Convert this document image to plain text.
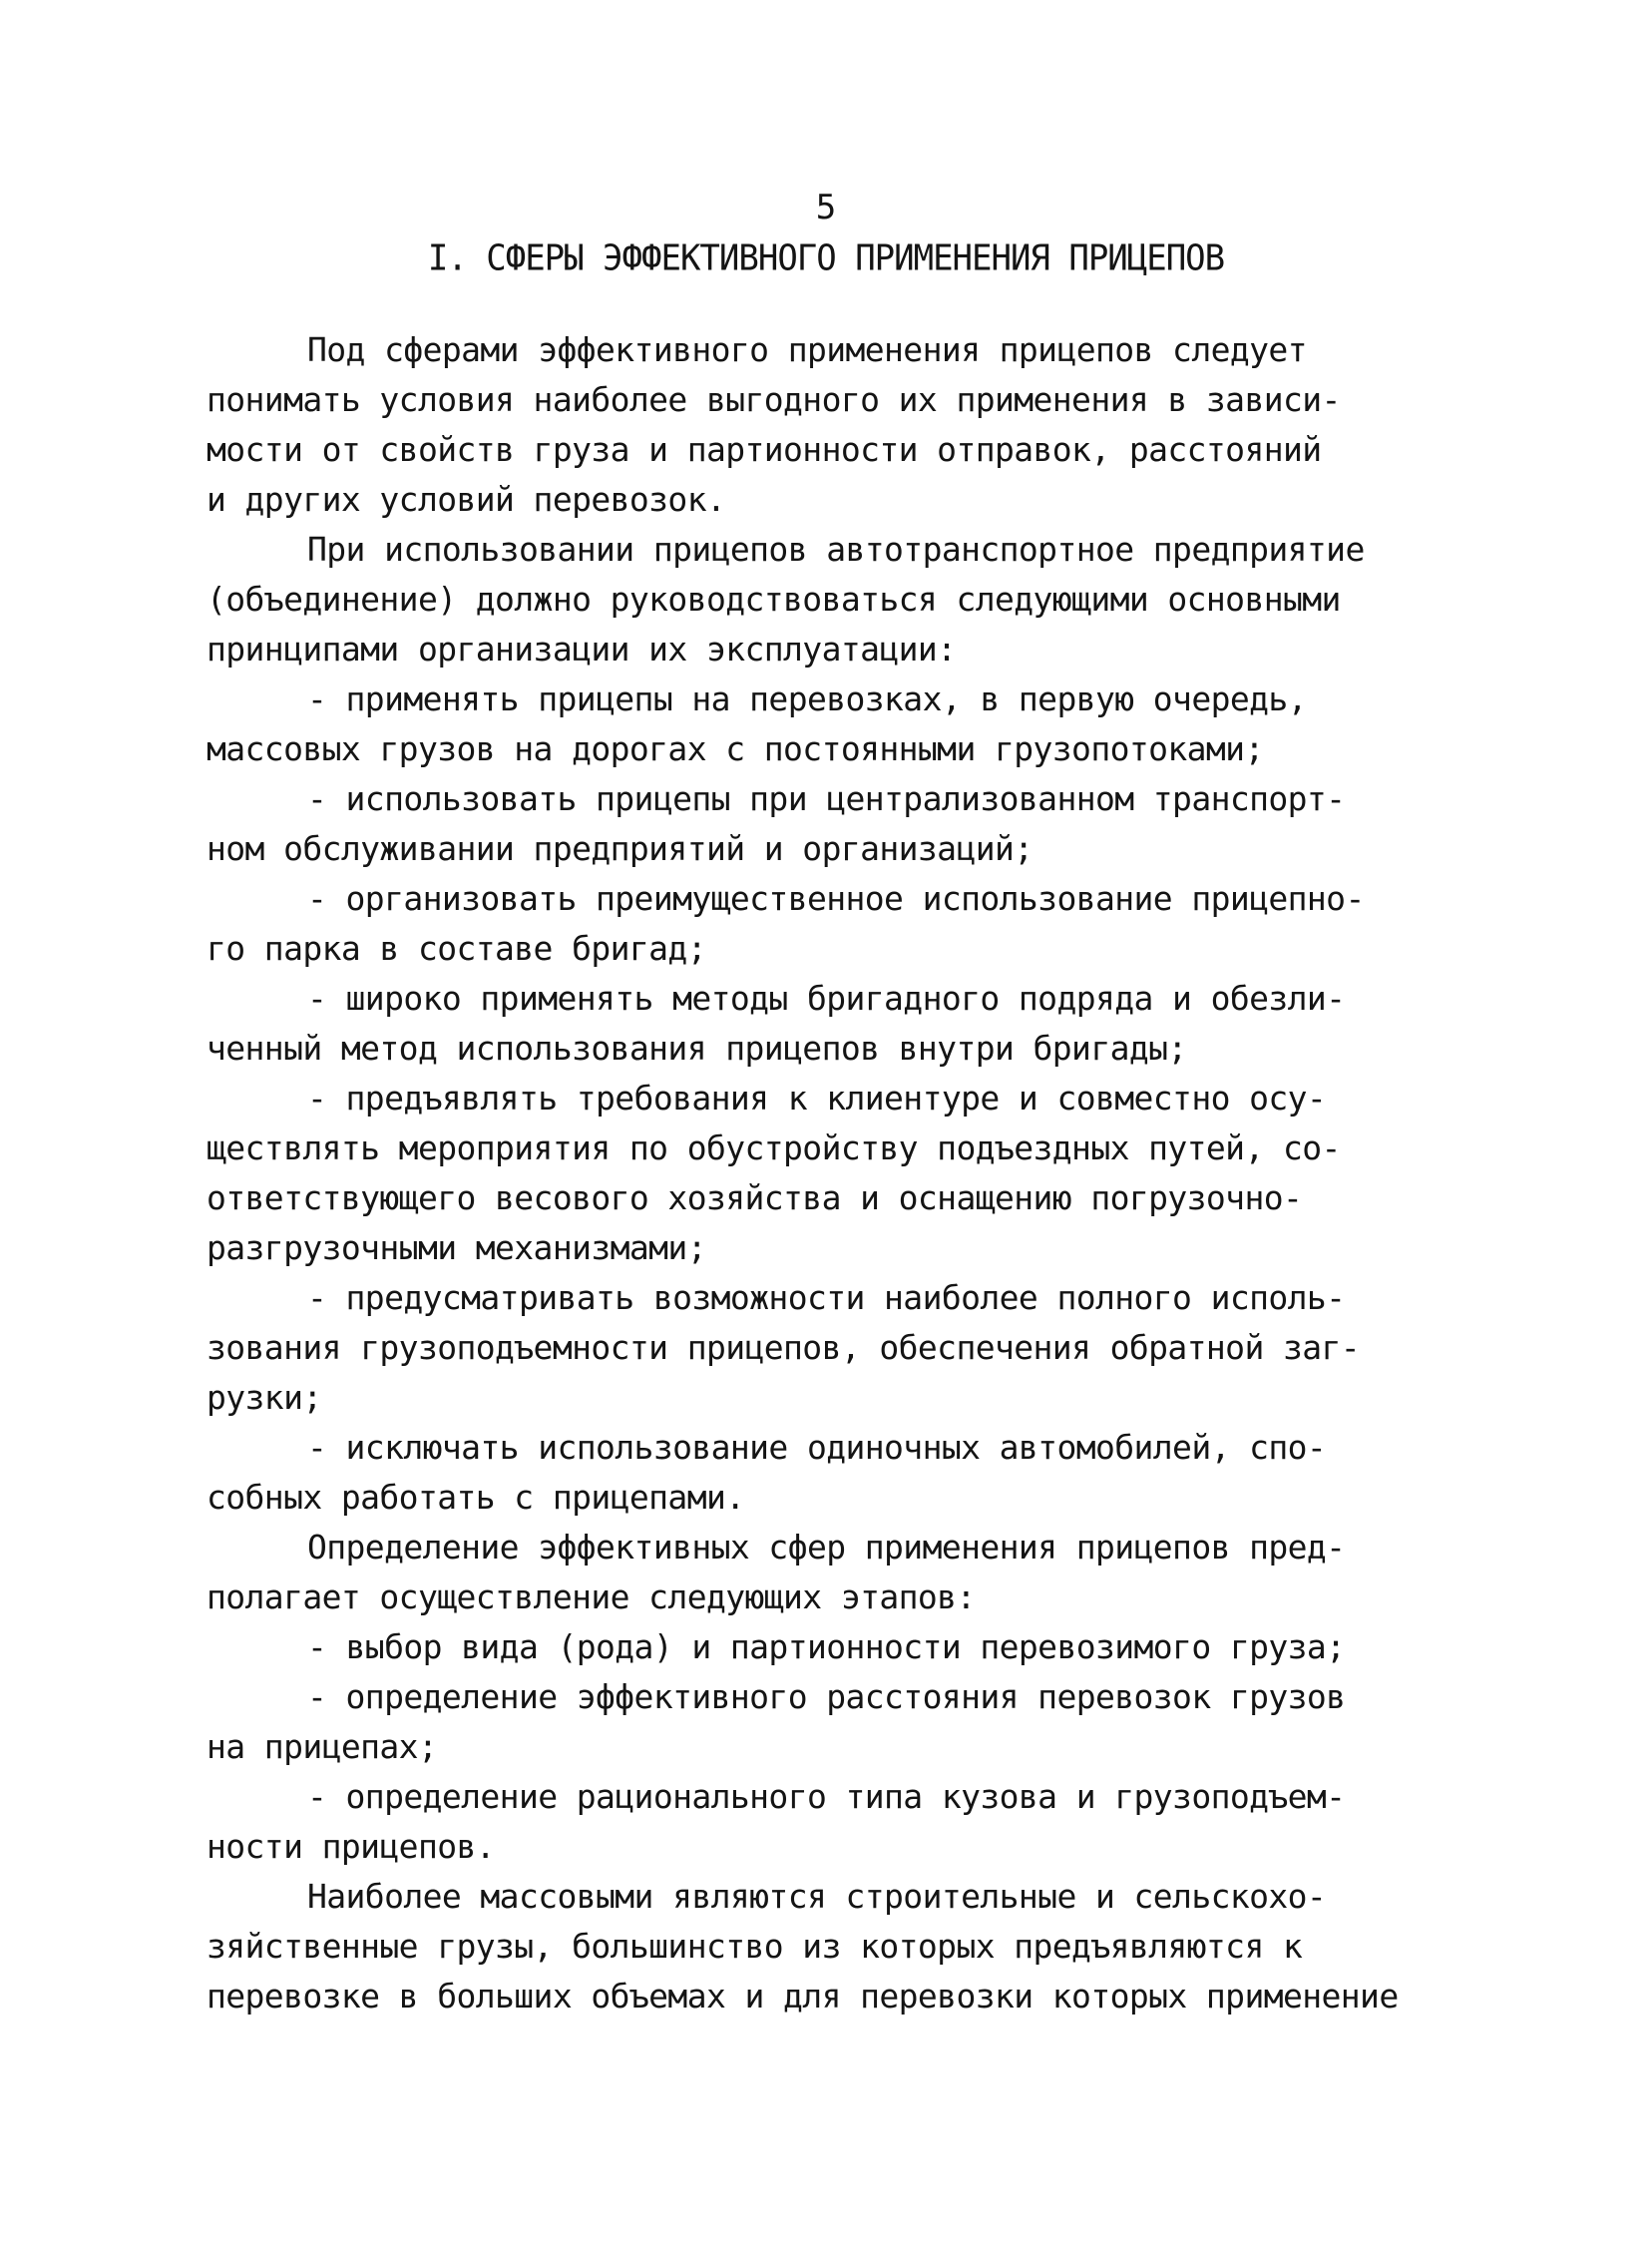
5
I. СФЕРЫ ЭФФЕКТИВНОГО ПРИМЕНЕНИЯ ПРИЦЕПОВ
Под сферами эффективного применения прицепов следует
понимать условия наиболее выгодного их применения в зависи-
мости от свойств груза и партионности отправок, расстояний
и других условий перевозок.
При использовании прицепов автотранспортное предприятие
(объединение) должно руководствоваться следующими основными
принципами организации их эксплуатации:
- применять прицепы на перевозках, в первую очередь,
массовых грузов на дорогах с постоянными грузопотоками;
- использовать прицепы при централизованном транспорт-
ном обслуживании предприятий и организаций;
- организовать преимущественное использование прицепно-
го парка в составе бригад;
- широко применять методы бригадного подряда и обезли-
ченный метод использования прицепов внутри бригады;
- предъявлять требования к клиентуре и совместно осу-
ществлять мероприятия по обустройству подъездных путей, со-
ответствующего весового хозяйства и оснащению погрузочно-
разгрузочными механизмами;
- предусматривать возможности наиболее полного исполь-
зования грузоподъемности прицепов, обеспечения обратной заг-
рузки;
- исключать использование одиночных автомобилей, спо-
собных работать с прицепами.
Определение эффективных сфер применения прицепов пред-
полагает осуществление следующих этапов:
- выбор вида (рода) и партионности перевозимого груза;
- определение эффективного расстояния перевозок грузов
на прицепах;
- определение рационального типа кузова и грузоподъем-
ности прицепов.
Наиболее массовыми являются строительные и сельскохо-
зяйственные грузы, большинство из которых предъявляются к
перевозке в больших объемах и для перевозки которых применение
